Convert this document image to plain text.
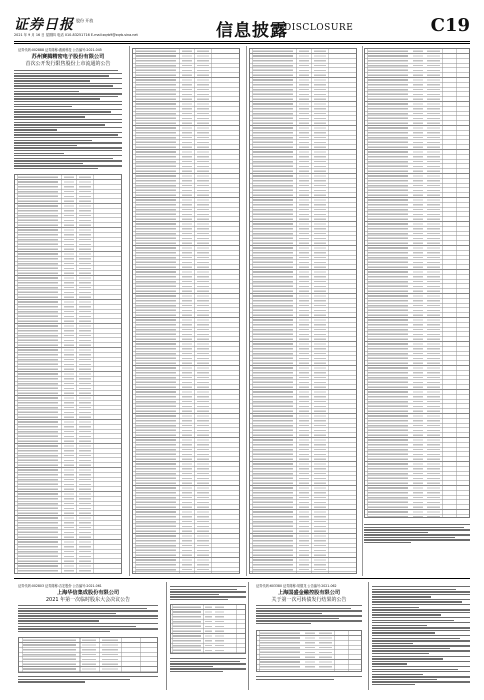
证券日报 股份 开放
2021 年 9 月 16 日 星期四 电话 010-83251716 E-mail:zqrb9@zqrb.sina.net	信息披露
DISCLOSURE	C19
证券代码:002888 证券简称:惠威科技 公告编号:2021-045
苏州赛腾精密电子股份有限公司
首次公开发行限售股份上市流通的公告
证券代码:002803 证券简称:吉宏股份 公告编号:2021-061
上海华信集成股份有限公司
2021 年第一次临时股东大会决议公告
证券代码:603380 证券简称:易德龙 公告编号:2021-062
上海国盛金融控股有限公司
关于第一次可转债发行结果的公告
